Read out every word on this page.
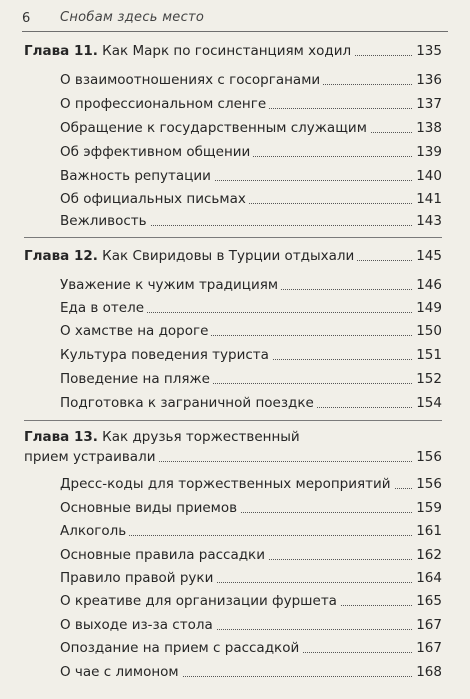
6 Снобам здесь место
Глава 11. Как Марк по госинстанциям ходил	135
О взаимоотношениях с госорганами	136
О профессиональном сленге	137
Обращение к государственным служащим	138
Об эффективном общении	139
Важность репутации	140
Об официальных письмах	141
Вежливость	143
Глава 12. Как Свиридовы в Турции отдыхали	145
Уважение к чужим традициям	146
Еда в отеле	149
О хамстве на дороге	150
Культура поведения туриста	151
Поведение на пляже	152
Подготовка к заграничной поездке	154
Глава 13. Как друзья торжественный
прием устраивали	156
Дресс-коды для торжественных мероприятий 156
Основные виды приемов	159
Алкоголь	161
Основные правила рассадки	162
Правило правой руки	164
О креативе для организации фуршета	165
О выходе из-за стола	167
Опоздание на прием с рассадкой	167
О чае с лимоном	168
